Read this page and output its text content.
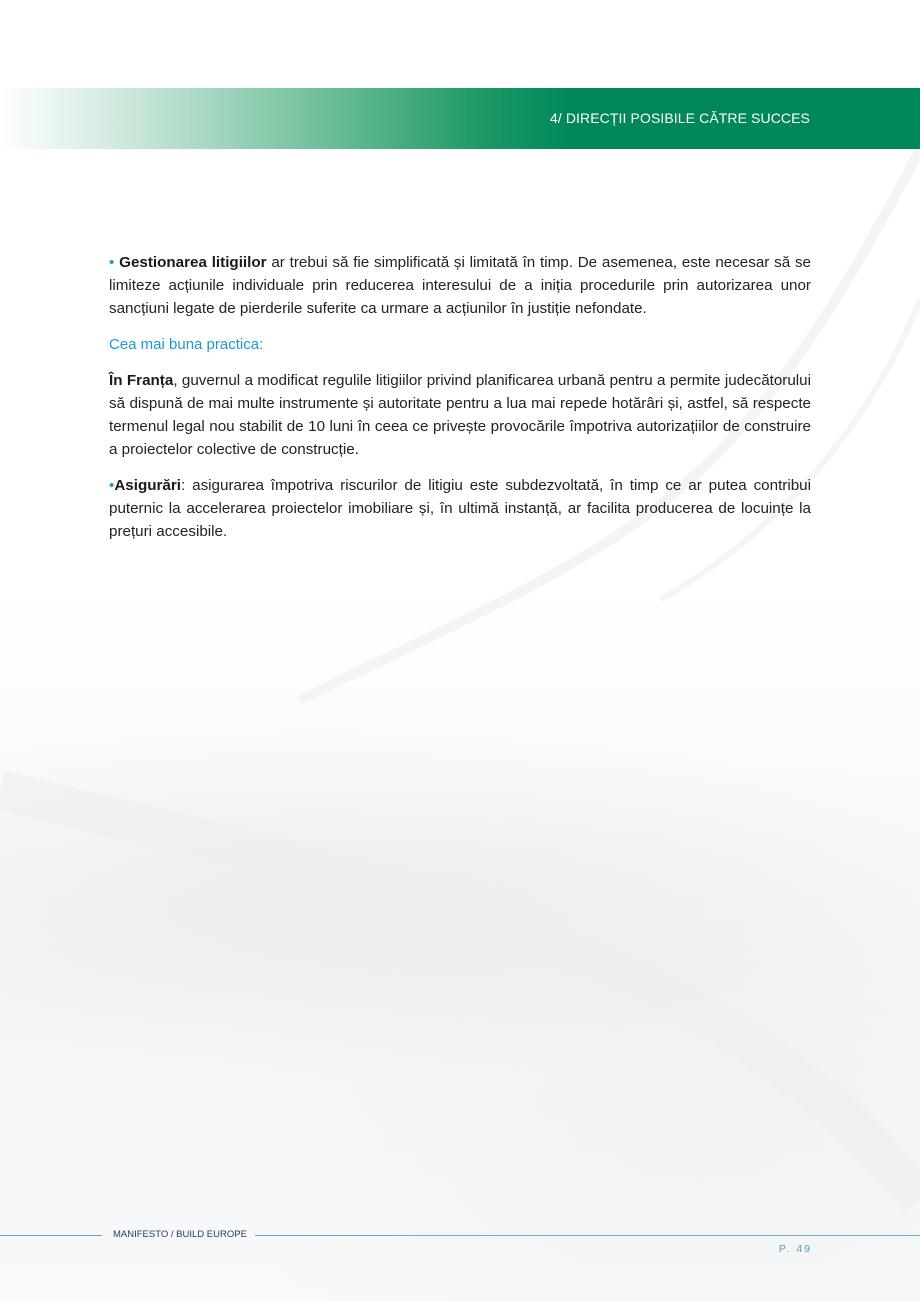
4/ DIRECȚII POSIBILE CĂTRE SUCCES

• Gestionarea litigiilor ar trebui să fie simplificată și limitată în timp. De asemenea, este necesar să se limiteze acțiunile individuale prin reducerea interesului de a iniția procedurile prin autorizarea unor sancțiuni legate de pierderile suferite ca urmare a acțiunilor în justiție nefondate.

Cea mai buna practica:

În Franța, guvernul a modificat regulile litigiilor privind planificarea urbană pentru a permite judecătorului să dispună de mai multe instrumente și autoritate pentru a lua mai repede hotărâri și, astfel, să respecte termenul legal nou stabilit de 10 luni în ceea ce privește provocările împotriva autorizațiilor de construire a proiectelor colective de construcție.

•Asigurări: asigurarea împotriva riscurilor de litigiu este subdezvoltată, în timp ce ar putea contribui puternic la accelerarea proiectelor imobiliare și, în ultimă instanță, ar facilita producerea de locuințe la prețuri accesibile.

MANIFESTO / BUILD EUROPE
P. 49
